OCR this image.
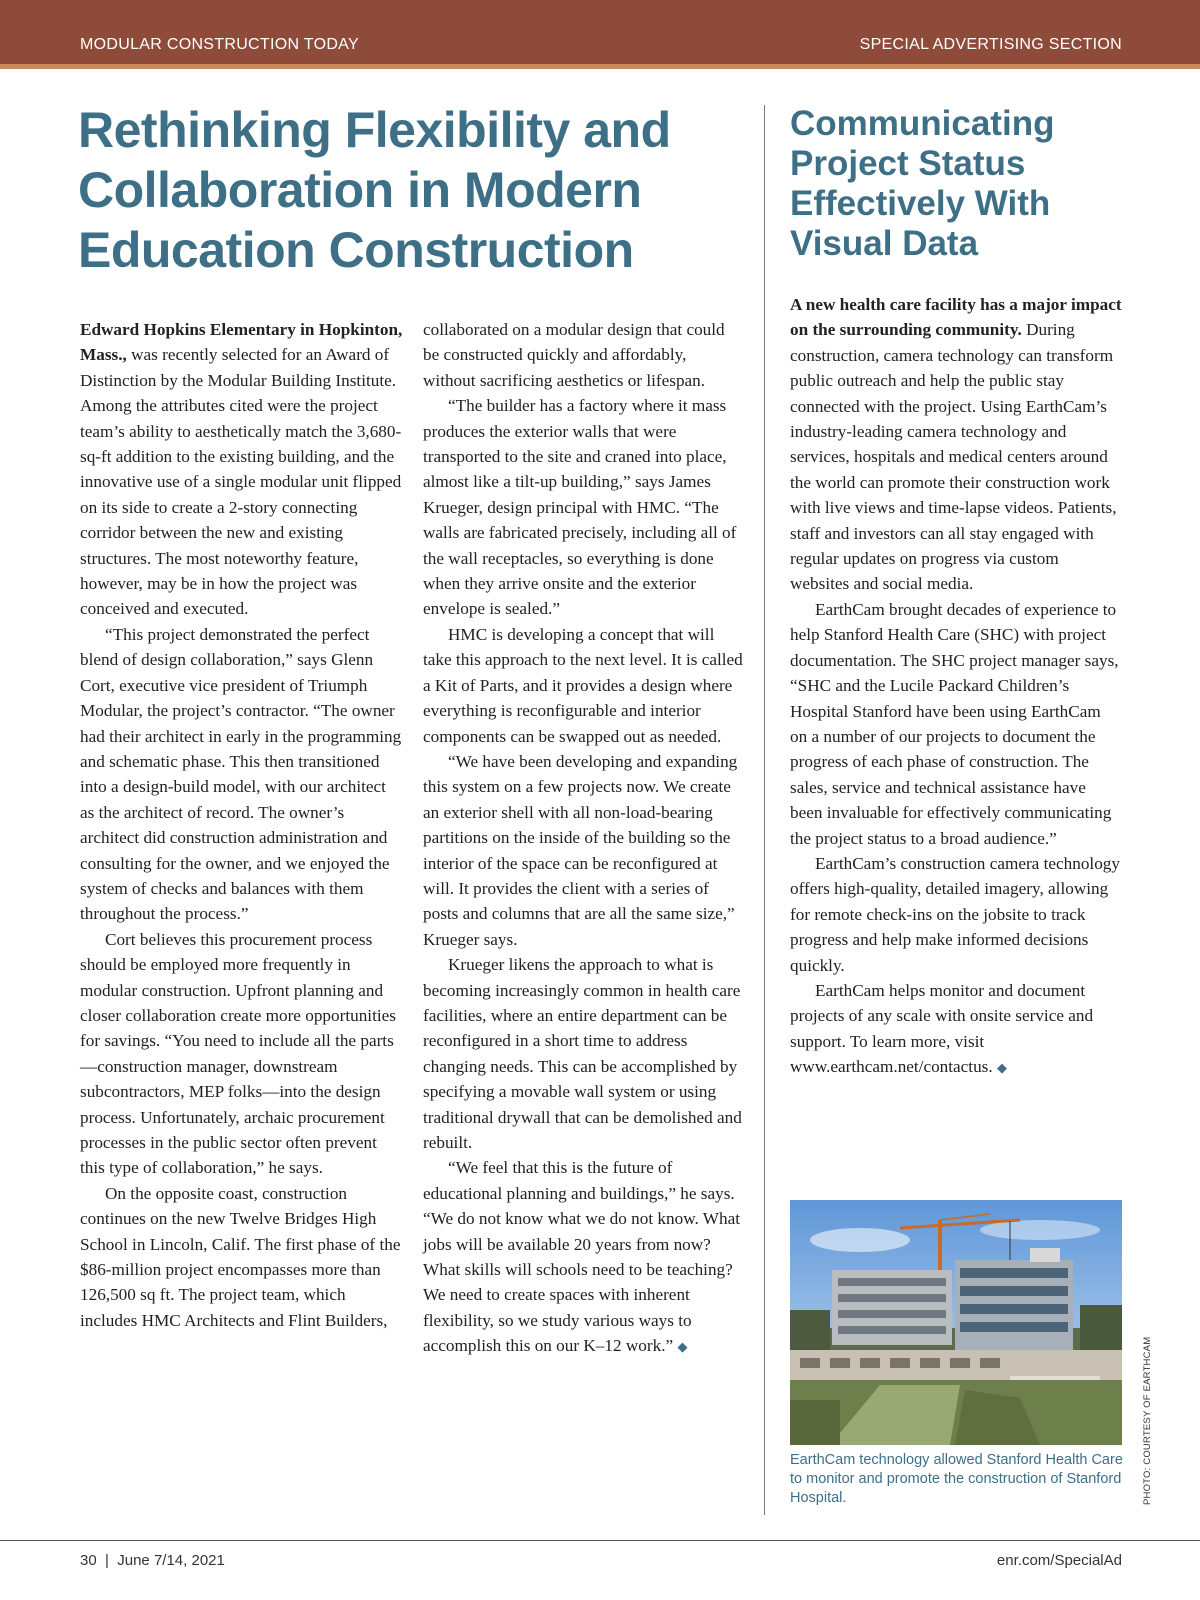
MODULAR CONSTRUCTION TODAY	SPECIAL ADVERTISING SECTION
Rethinking Flexibility and Collaboration in Modern Education Construction

Edward Hopkins Elementary in Hopkinton, Mass., was recently selected for an Award of Distinction by the Modular Building Institute. Among the attributes cited were the project team’s ability to aesthetically match the 3,680-sq-ft addition to the existing building, and the innovative use of a single modular unit flipped on its side to create a 2-story connecting corridor between the new and existing structures. The most noteworthy feature, however, may be in how the project was conceived and executed.

“This project demonstrated the perfect blend of design collaboration,” says Glenn Cort, executive vice president of Triumph Modular, the project’s contractor. “The owner had their architect in early in the programming and schematic phase. This then transitioned into a design-build model, with our architect as the architect of record. The owner’s architect did construction administration and consulting for the owner, and we enjoyed the system of checks and balances with them throughout the process.”

Cort believes this procurement process should be employed more frequently in modular construction. Upfront planning and closer collaboration create more opportunities for savings. “You need to include all the parts—construction manager, downstream subcontractors, MEP folks—into the design process. Unfortunately, archaic procurement processes in the public sector often prevent this type of collaboration,” he says.

On the opposite coast, construction continues on the new Twelve Bridges High School in Lincoln, Calif. The first phase of the $86-million project encompasses more than 126,500 sq ft. The project team, which includes HMC Architects and Flint Builders,

collaborated on a modular design that could be constructed quickly and affordably, without sacrificing aesthetics or lifespan.

“The builder has a factory where it mass produces the exterior walls that were transported to the site and craned into place, almost like a tilt-up building,” says James Krueger, design principal with HMC. “The walls are fabricated precisely, including all of the wall receptacles, so everything is done when they arrive onsite and the exterior envelope is sealed.”

HMC is developing a concept that will take this approach to the next level. It is called a Kit of Parts, and it provides a design where everything is reconfigurable and interior components can be swapped out as needed.

“We have been developing and expanding this system on a few projects now. We create an exterior shell with all non-load-bearing partitions on the inside of the building so the interior of the space can be reconfigured at will. It provides the client with a series of posts and columns that are all the same size,” Krueger says.

Krueger likens the approach to what is becoming increasingly common in health care facilities, where an entire department can be reconfigured in a short time to address changing needs. This can be accomplished by specifying a movable wall system or using traditional drywall that can be demolished and rebuilt.

“We feel that this is the future of educational planning and buildings,” he says. “We do not know what we do not know. What jobs will be available 20 years from now? What skills will schools need to be teaching? We need to create spaces with inherent flexibility, so we study various ways to accomplish this on our K–12 work.” ◆

Communicating Project Status Effectively With Visual Data

A new health care facility has a major impact on the surrounding community. During construction, camera technology can transform public outreach and help the public stay connected with the project. Using EarthCam’s industry-leading camera technology and services, hospitals and medical centers around the world can promote their construction work with live views and time-lapse videos. Patients, staff and investors can all stay engaged with regular updates on progress via custom websites and social media.

EarthCam brought decades of experience to help Stanford Health Care (SHC) with project documentation. The SHC project manager says, “SHC and the Lucile Packard Children’s Hospital Stanford have been using EarthCam on a number of our projects to document the progress of each phase of construction. The sales, service and technical assistance have been invaluable for effectively communicating the project status to a broad audience.”

EarthCam’s construction camera technology offers high-quality, detailed imagery, allowing for remote check-ins on the jobsite to track progress and help make informed decisions quickly.

EarthCam helps monitor and document projects of any scale with onsite service and support. To learn more, visit www.earthcam.net/contactus. ◆

EarthCam technology allowed Stanford Health Care to monitor and promote the construction of Stanford Hospital.	PHOTO: COURTESY OF EARTHCAM
30  |  June 7/14, 2021	enr.com/SpecialAd
